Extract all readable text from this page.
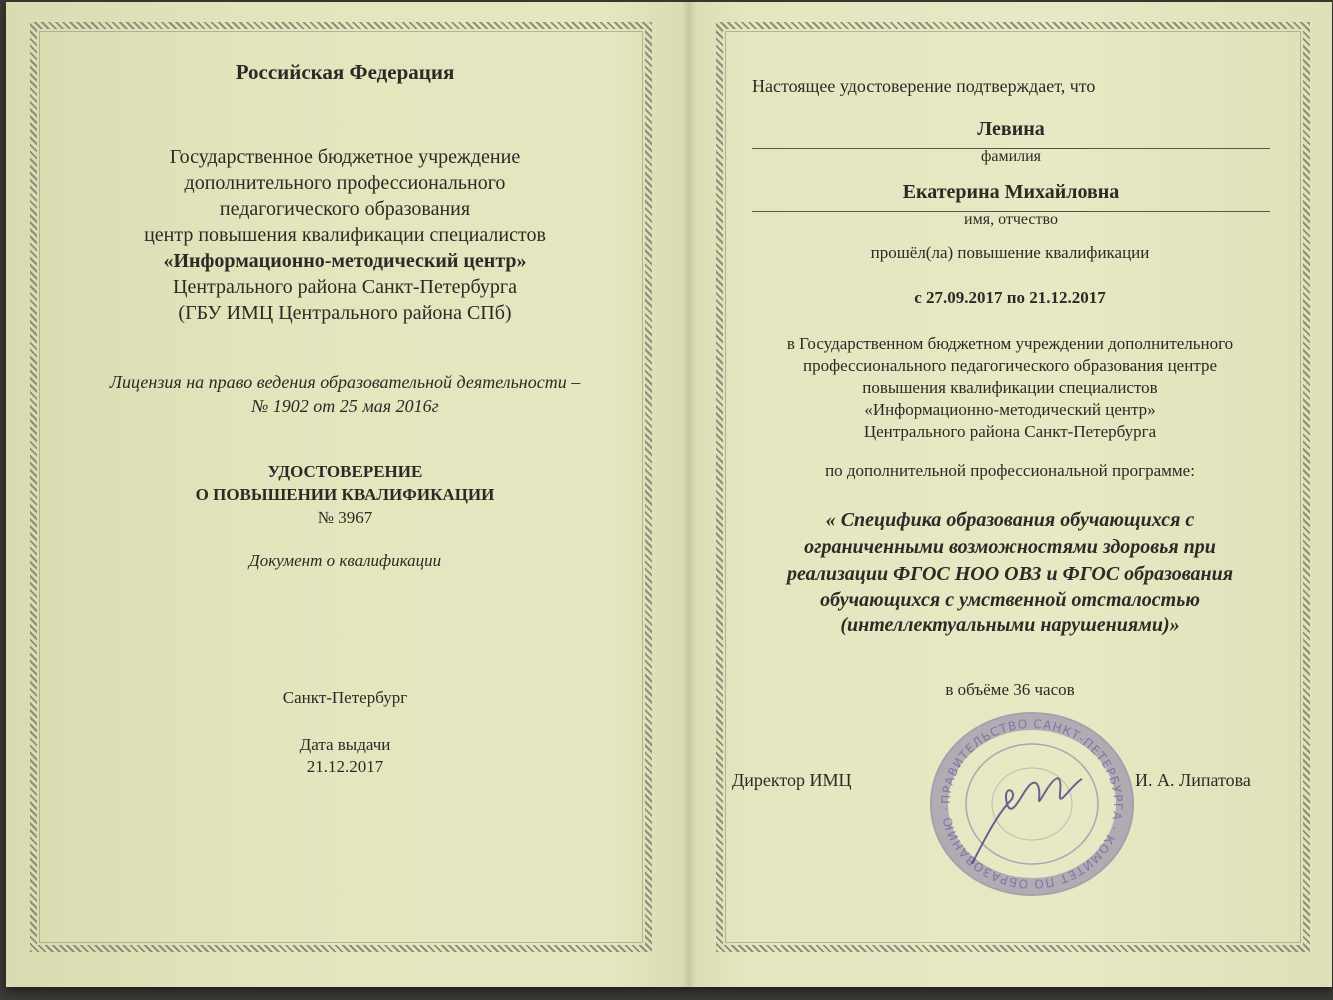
Российская Федерация
Государственное бюджетное учреждение
дополнительного профессионального
педагогического образования
центр повышения квалификации специалистов
«Информационно-методический центр»
Центрального района Санкт-Петербурга
(ГБУ ИМЦ Центрального района СПб)
Лицензия на право ведения образовательной деятельности –
№ 1902 от 25 мая 2016г
УДОСТОВЕРЕНИЕ
О ПОВЫШЕНИИ КВАЛИФИКАЦИИ
№ 3967
Документ о квалификации
Санкт-Петербург
Дата выдачи
21.12.2017
Настоящее удостоверение подтверждает, что
Левина
фамилия
Екатерина Михайловна
имя, отчество
прошёл(ла) повышение квалификации
с 27.09.2017 по 21.12.2017
в Государственном бюджетном учреждении дополнительного
профессионального педагогического образования центре
повышения квалификации специалистов
«Информационно-методический центр»
Центрального района Санкт-Петербурга
по дополнительной профессиональной программе:
« Специфика образования обучающихся с
ограниченными возможностями здоровья при
реализации ФГОС НОО ОВЗ и ФГОС образования
обучающихся с умственной отсталостью
(интеллектуальными нарушениями)»
в объёме 36 часов
Директор ИМЦ	И. А. Липатова
ПРАВИТЕЛЬСТВО САНКТ-ПЕТЕРБУРГА · КОМИТЕТ ПО ОБРАЗОВАНИЮ ·
